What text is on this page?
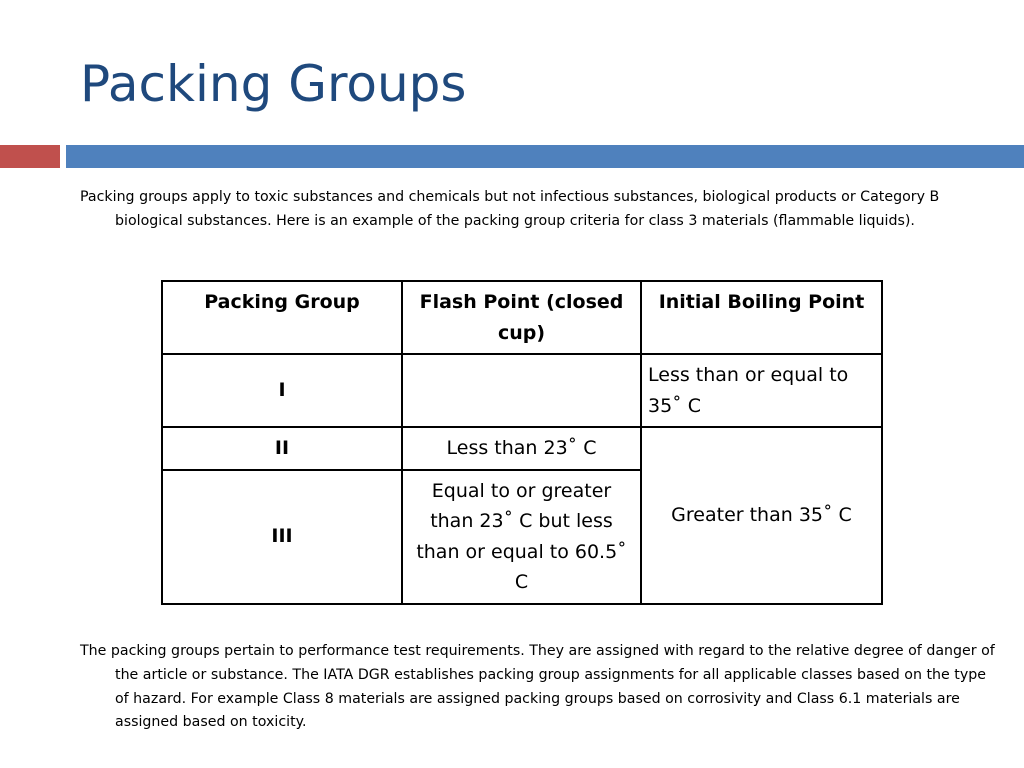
Packing Groups

Packing groups apply to toxic substances and chemicals but not infectious substances, biological products or Category B biological substances. Here is an example of the packing group criteria for class 3 materials (flammable liquids).

Packing Group	Flash Point (closed cup)	Initial Boiling Point
I		Less than or equal to 35˚ C
II	Less than 23˚ C	Greater than 35˚ C
III	Equal to or greater than 23˚ C but less than or equal to 60.5˚ C	

The packing groups pertain to performance test requirements. They are assigned with regard to the relative degree of danger of the article or substance. The IATA DGR establishes packing group assignments for all applicable classes based on the type of hazard. For example Class 8 materials are assigned packing groups based on corrosivity and Class 6.1 materials are assigned based on toxicity.
